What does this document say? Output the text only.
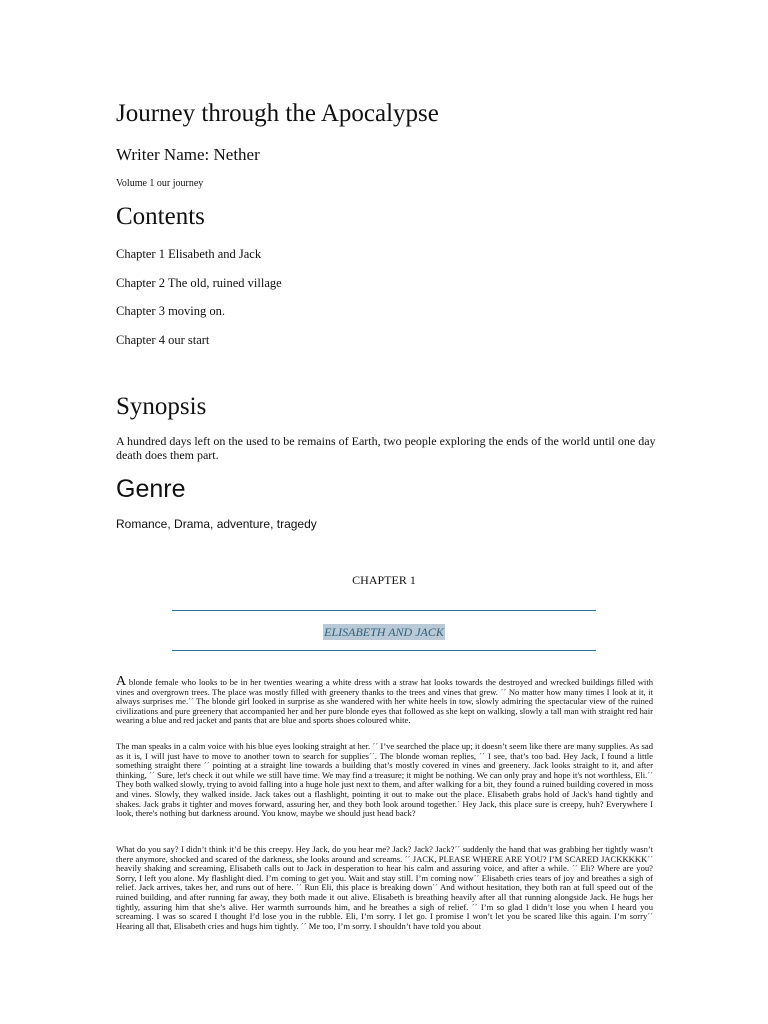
Journey through the Apocalypse
Writer Name: Nether
Volume 1 our journey
Contents
Chapter 1 Elisabeth and Jack
Chapter 2 The old, ruined village
Chapter 3 moving on.
Chapter 4 our start
Synopsis
A hundred days left on the used to be remains of Earth, two people exploring the ends of the world until one day death does them part.
Genre
Romance, Drama, adventure, tragedy
CHAPTER 1
ELISABETH AND JACK
A blonde female who looks to be in her twenties wearing a white dress with a straw hat looks towards the destroyed and wrecked buildings filled with vines and overgrown trees. The place was mostly filled with greenery thanks to the trees and vines that grew. ´´ No matter how many times I look at it, it always surprises me.´´ The blonde girl looked in surprise as she wandered with her white heels in tow, slowly admiring the spectacular view of the ruined civilizations and pure greenery that accompanied her and her pure blonde eyes that followed as she kept on walking, slowly a tall man with straight red hair wearing a blue and red jacket and pants that are blue and sports shoes coloured white.
The man speaks in a calm voice with his blue eyes looking straight at her. ´´ I’ve searched the place up; it doesn’t seem like there are many supplies. As sad as it is, I will just have to move to another town to search for supplies´´. The blonde woman replies, ´´ I see, that’s too bad. Hey Jack, I found a little something straight there ´´ pointing at a straight line towards a building that’s mostly covered in vines and greenery. Jack looks straight to it, and after thinking, ´´ Sure, let's check it out while we still have time. We may find a treasure; it might be nothing. We can only pray and hope it's not worthless, Eli.´´ They both walked slowly, trying to avoid falling into a huge hole just next to them, and after walking for a bit, they found a ruined building covered in moss and vines. Slowly, they walked inside. Jack takes out a flashlight, pointing it out to make out the place. Elisabeth grabs hold of Jack's hand tightly and shakes. Jack grabs it tighter and moves forward, assuring her, and they both look around together.´ Hey Jack, this place sure is creepy, huh? Everywhere I look, there's nothing but darkness around. You know, maybe we should just head back?
What do you say? I didn’t think it’d be this creepy. Hey Jack, do you hear me? Jack? Jack? Jack?´´ suddenly the hand that was grabbing her tightly wasn’t there anymore, shocked and scared of the darkness, she looks around and screams. ´´ JACK, PLEASE WHERE ARE YOU? I’M SCARED JACKKKKK´´ heavily shaking and screaming, Elisabeth calls out to Jack in desperation to hear his calm and assuring voice, and after a while. ´´ Eli? Where are you? Sorry, I left you alone. My flashlight died. I’m coming to get you. Wait and stay still. I’m coming now´´ Elisabeth cries tears of joy and breathes a sigh of relief. Jack arrives, takes her, and runs out of here. ´´ Run Eli, this place is breaking down´´ And without hesitation, they both ran at full speed out of the ruined building, and after running far away, they both made it out alive. Elisabeth is breathing heavily after all that running alongside Jack. He hugs her tightly, assuring him that she’s alive. Her warmth surrounds him, and he breathes a sigh of relief. ´´ I’m so glad I didn’t lose you when I heard you screaming. I was so scared I thought I’d lose you in the rubble. Eli, I’m sorry. I let go. I promise I won’t let you be scared like this again. I’m sorry´´ Hearing all that, Elisabeth cries and hugs him tightly. ´´ Me too, I’m sorry. I shouldn’t have told you about
